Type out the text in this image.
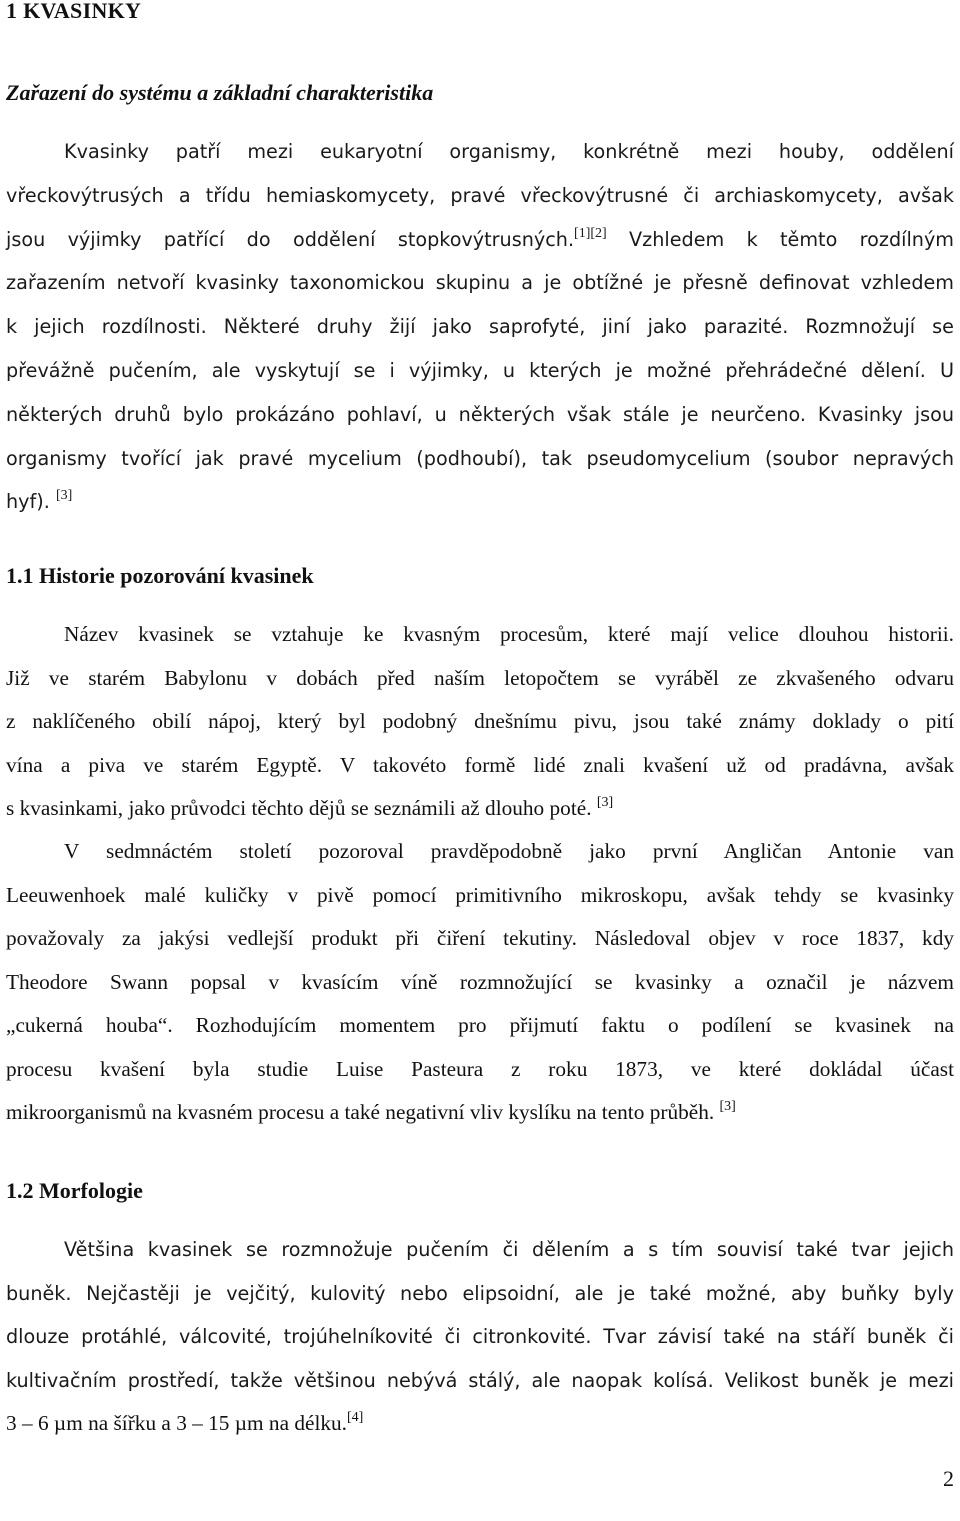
1 KVASINKY
Zařazení do systému a základní charakteristika
Kvasinky patří mezi eukaryotní organismy, konkrétně mezi houby, oddělení
vřeckovýtrusých a třídu hemiaskomycety, pravé vřeckovýtrusné či archiaskomycety, avšak
jsou výjimky patřící do oddělení stopkovýtrusných.[1][2] Vzhledem k těmto rozdílným
zařazením netvoří kvasinky taxonomickou skupinu a je obtížné je přesně definovat vzhledem
k jejich rozdílnosti. Některé druhy žijí jako saprofyté, jiní jako parazité. Rozmnožují se
převážně pučením, ale vyskytují se i výjimky, u kterých je možné přehrádečné dělení. U
některých druhů bylo prokázáno pohlaví, u některých však stále je neurčeno. Kvasinky jsou
organismy tvořící jak pravé mycelium (podhoubí), tak pseudomycelium (soubor nepravých
hyf). [3]
1.1 Historie pozorování kvasinek
Název kvasinek se vztahuje ke kvasným procesům, které mají velice dlouhou historii.
Již ve starém Babylonu v dobách před naším letopočtem se vyráběl ze zkvašeného odvaru
z naklíčeného obilí nápoj, který byl podobný dnešnímu pivu, jsou také známy doklady o pití
vína a piva ve starém Egyptě. V takovéto formě lidé znali kvašení už od pradávna, avšak
s kvasinkami, jako průvodci těchto dějů se seznámili až dlouho poté. [3]
V sedmnáctém století pozoroval pravděpodobně jako první Angličan Antonie van
Leeuwenhoek malé kuličky v pivě pomocí primitivního mikroskopu, avšak tehdy se kvasinky
považovaly za jakýsi vedlejší produkt při čiření tekutiny. Následoval objev v roce 1837, kdy
Theodore Swann popsal v kvasícím víně rozmnožující se kvasinky a označil je názvem
„cukerná houba“. Rozhodujícím momentem pro přijmutí faktu o podílení se kvasinek na
procesu kvašení byla studie Luise Pasteura z roku 1873, ve které dokládal účast
mikroorganismů na kvasném procesu a také negativní vliv kyslíku na tento průběh. [3]
1.2 Morfologie
Většina kvasinek se rozmnožuje pučením či dělením a s tím souvisí také tvar jejich
buněk. Nejčastěji je vejčitý, kulovitý nebo elipsoidní, ale je také možné, aby buňky byly
dlouze protáhlé, válcovité, trojúhelníkovité či citronkovité. Tvar závisí také na stáří buněk či
kultivačním prostředí, takže většinou nebývá stálý, ale naopak kolísá. Velikost buněk je mezi
3 – 6 µm na šířku a 3 – 15 µm na délku.[4]

2
